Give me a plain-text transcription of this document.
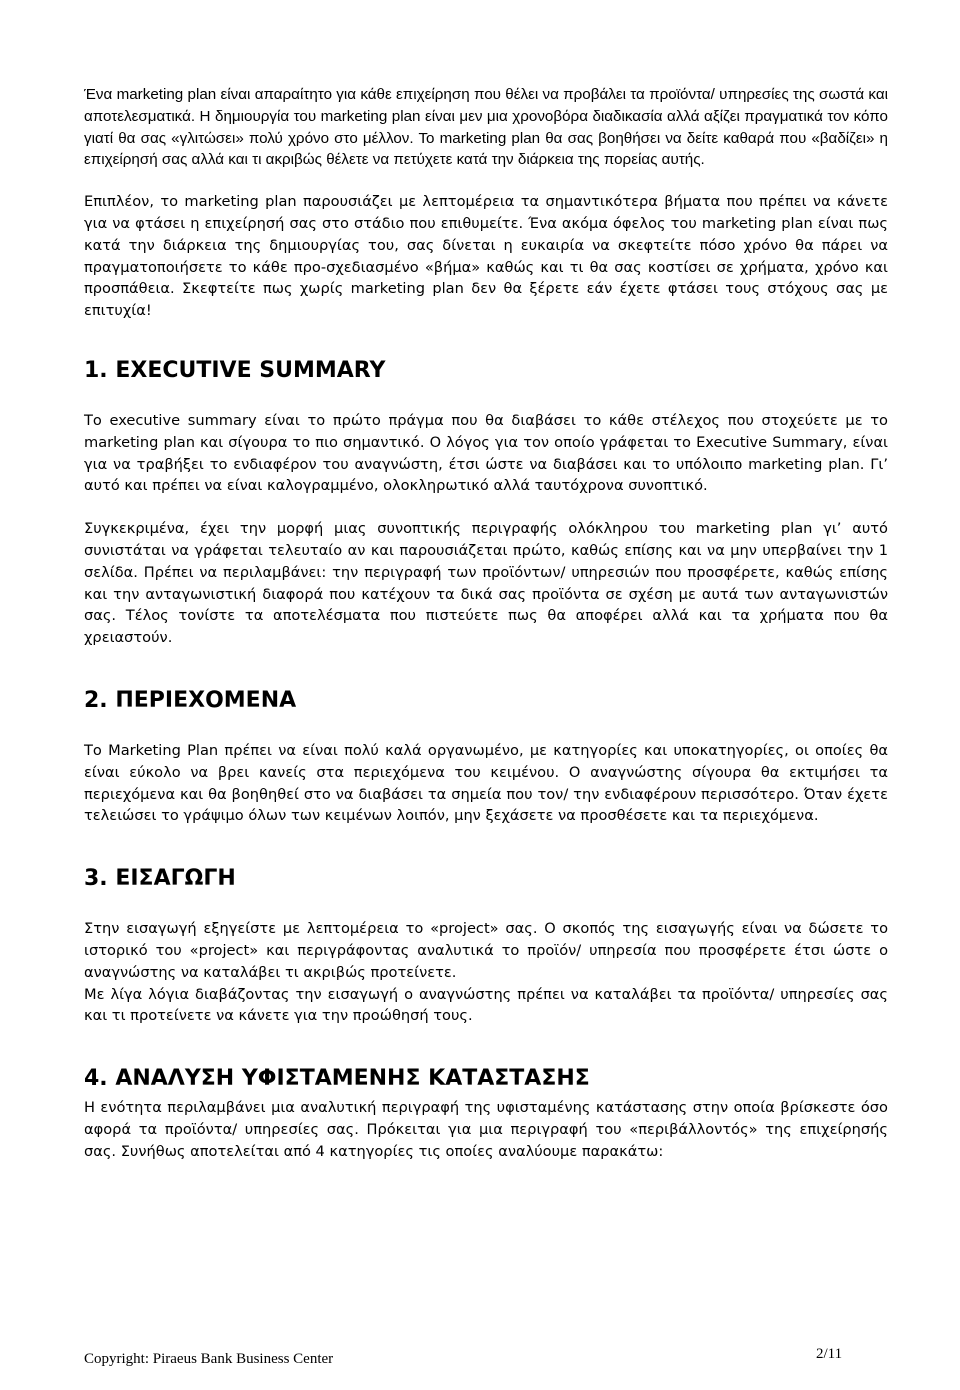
Ένα marketing plan είναι απαραίτητο για κάθε επιχείρηση που θέλει να προβάλει τα προϊόντα/ υπηρεσίες της σωστά και αποτελεσματικά. Η δημιουργία του marketing plan είναι μεν μια χρονοβόρα διαδικασία αλλά αξίζει πραγματικά τον κόπο γιατί θα σας «γλιτώσει» πολύ χρόνο στο μέλλον. Το marketing plan θα σας βοηθήσει να δείτε καθαρά που «βαδίζει» η επιχείρησή σας αλλά και τι ακριβώς θέλετε να πετύχετε κατά την διάρκεια της πορείας αυτής.

Επιπλέον, το marketing plan παρουσιάζει με λεπτομέρεια τα σημαντικότερα βήματα που πρέπει να κάνετε για να φτάσει η επιχείρησή σας στο στάδιο που επιθυμείτε. Ένα ακόμα όφελος του marketing plan είναι πως κατά την διάρκεια της δημιουργίας του, σας δίνεται η ευκαιρία να σκεφτείτε πόσο χρόνο θα πάρει να πραγματοποιήσετε το κάθε προ-σχεδιασμένο «βήμα» καθώς και τι θα σας κοστίσει σε χρήματα, χρόνο και προσπάθεια. Σκεφτείτε πως χωρίς marketing plan δεν θα ξέρετε εάν έχετε φτάσει τους στόχους σας με επιτυχία!

1. EXECUTIVE SUMMARY

Το executive summary είναι το πρώτο πράγμα που θα διαβάσει το κάθε στέλεχος που στοχεύετε με το marketing plan και σίγουρα το πιο σημαντικό. Ο λόγος για τον οποίο γράφεται το Executive Summary, είναι για να τραβήξει το ενδιαφέρον του αναγνώστη, έτσι ώστε να διαβάσει και το υπόλοιπο marketing plan. Γι’ αυτό και πρέπει να είναι καλογραμμένο, ολοκληρωτικό αλλά ταυτόχρονα συνοπτικό.

Συγκεκριμένα, έχει την μορφή μιας συνοπτικής περιγραφής ολόκληρου του marketing plan γι’ αυτό συνιστάται να γράφεται τελευταίο αν και παρουσιάζεται πρώτο, καθώς επίσης και να μην υπερβαίνει την 1 σελίδα. Πρέπει να περιλαμβάνει: την περιγραφή των προϊόντων/ υπηρεσιών που προσφέρετε, καθώς επίσης και την ανταγωνιστική διαφορά που κατέχουν τα δικά σας προϊόντα σε σχέση με αυτά των ανταγωνιστών σας. Τέλος τονίστε τα αποτελέσματα που πιστεύετε πως θα αποφέρει αλλά και τα χρήματα που θα χρειαστούν.

2. ΠΕΡΙΕΧΟΜΕΝΑ

Το Marketing Plan πρέπει να είναι πολύ καλά οργανωμένο, με κατηγορίες και υποκατηγορίες, οι οποίες θα είναι εύκολο να βρει κανείς στα περιεχόμενα του κειμένου. Ο αναγνώστης σίγουρα θα εκτιμήσει τα περιεχόμενα και θα βοηθηθεί στο να διαβάσει τα σημεία που τον/ την ενδιαφέρουν περισσότερο. Όταν έχετε τελειώσει το γράψιμο όλων των κειμένων λοιπόν, μην ξεχάσετε να προσθέσετε και τα περιεχόμενα.

3. ΕΙΣΑΓΩΓΗ

Στην εισαγωγή εξηγείστε με λεπτομέρεια το «project» σας. Ο σκοπός της εισαγωγής είναι να δώσετε το ιστορικό του «project» και περιγράφοντας αναλυτικά το προϊόν/ υπηρεσία που προσφέρετε έτσι ώστε ο αναγνώστης να καταλάβει τι ακριβώς προτείνετε.

Με λίγα λόγια διαβάζοντας την εισαγωγή ο αναγνώστης πρέπει να καταλάβει τα προϊόντα/ υπηρεσίες σας και τι προτείνετε να κάνετε για την προώθησή τους.

4. ΑΝΑΛΥΣΗ ΥΦΙΣΤΑΜΕΝΗΣ ΚΑΤΑΣΤΑΣΗΣ

Η ενότητα περιλαμβάνει μια αναλυτική περιγραφή της υφισταμένης κατάστασης στην οποία βρίσκεστε όσο αφορά τα προϊόντα/ υπηρεσίες σας. Πρόκειται για μια περιγραφή του «περιβάλλοντός» της επιχείρησής σας. Συνήθως αποτελείται από 4 κατηγορίες τις οποίες αναλύουμε παρακάτω:

Copyright: Piraeus Bank Business Center	2/11
